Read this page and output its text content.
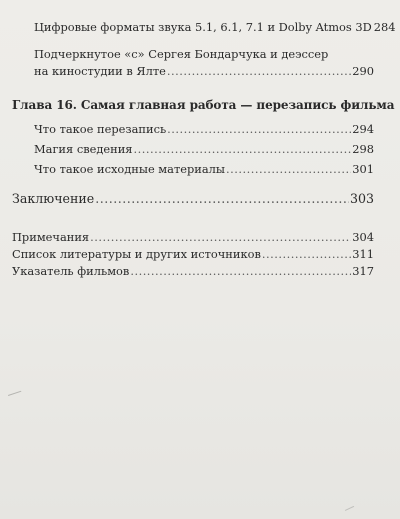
Цифровые форматы звука 5.1, 6.1, 7.1 и Dolby Atmos 3D 284
Подчеркнутое «с» Сергея Бондарчука и деэссер
на киностудии в Ялте .....	290
Глава 16. Самая главная работа — перезапись фильма
Что такое перезапись .....	294
Магия сведения .....	298
Что такое исходные материалы .....	301
Заключение .....	303
Примечания .....	304
Список литературы и других источников .....	311
Указатель фильмов .....	317
